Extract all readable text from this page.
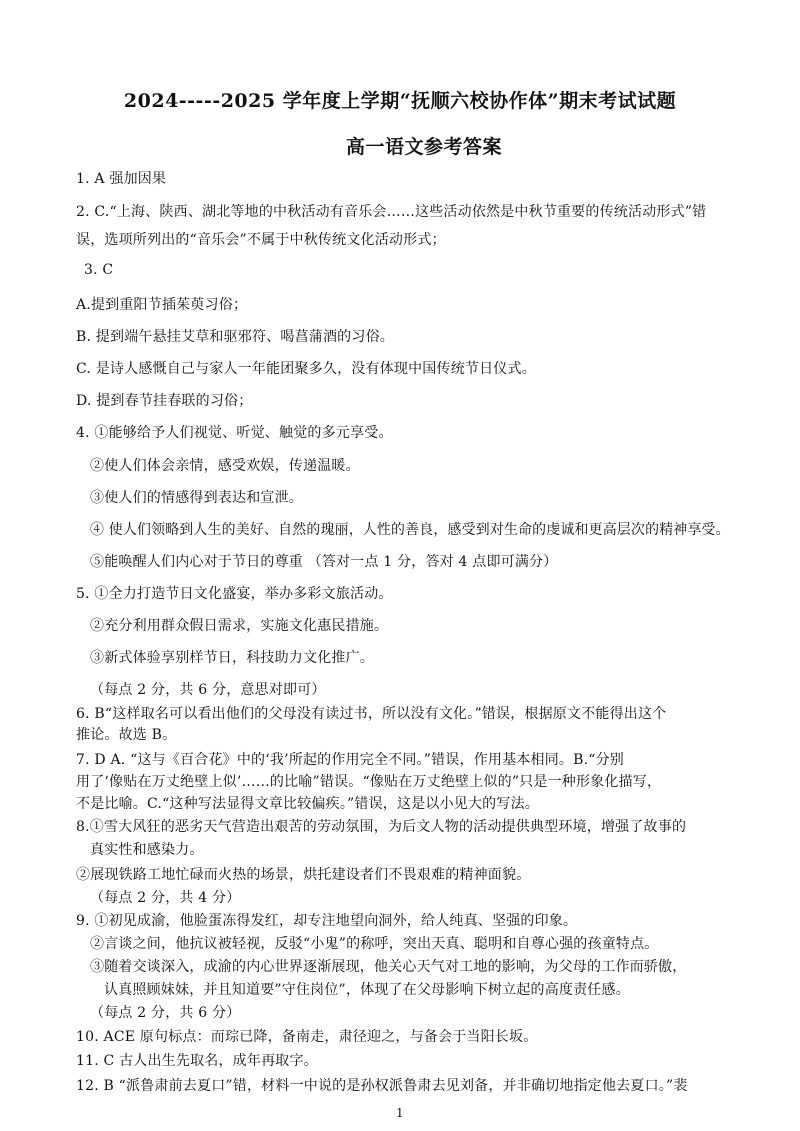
2024-----2025 学年度上学期“抚顺六校协作体”期末考试试题
高一语文参考答案
1. A 强加因果
2. C.“上海、陕西、湖北等地的中秋活动有音乐会……这些活动依然是中秋节重要的传统活动形式”错
误，选项所列出的“音乐会”不属于中秋传统文化活动形式；
3. C
A.提到重阳节插茱萸习俗；
B. 提到端午悬挂艾草和驱邪符、喝菖蒲酒的习俗。
C. 是诗人感慨自己与家人一年能团聚多久，没有体现中国传统节日仪式。
D. 提到春节挂春联的习俗；
4. ①能够给予人们视觉、听觉、触觉的多元享受。
②使人们体会亲情，感受欢娱，传递温暖。
③使人们的情感得到表达和宣泄。
④ 使人们领略到人生的美好、自然的瑰丽，人性的善良，感受到对生命的虔诚和更高层次的精神享受。
⑤能唤醒人们内心对于节日的尊重 （答对一点 1 分，答对 4 点即可满分）
5. ①全力打造节日文化盛宴，举办多彩文旅活动。
②充分利用群众假日需求，实施文化惠民措施。
③新式体验享别样节日，科技助力文化推广。
（每点 2 分，共 6 分，意思对即可）
6. B“这样取名可以看出他们的父母没有读过书，所以没有文化。”错误，根据原文不能得出这个
推论。故选 B。
7. D A. “这与《百合花》中的‘我’所起的作用完全不同。”错误，作用基本相同。B.“分别
用了‘像贴在万丈绝壁上似’……的比喻”错误。“像贴在万丈绝壁上似的”只是一种形象化描写，
不是比喻。C.“这种写法显得文章比较偏疾。”错误，这是以小见大的写法。
8.①雪大风狂的恶劣天气营造出艰苦的劳动氛围，为后文人物的活动提供典型环境，增强了故事的
真实性和感染力。
②展现铁路工地忙碌而火热的场景，烘托建设者们不畏艰难的精神面貌。
（每点 2 分，共 4 分）
9. ①初见成渝，他脸蛋冻得发红，却专注地望向洞外，给人纯真、坚强的印象。
②言谈之间，他抗议被轻视，反驳“小鬼”的称呼，突出天真、聪明和自尊心强的孩童特点。
③随着交谈深入，成渝的内心世界逐渐展现，他关心天气对工地的影响，为父母的工作而骄傲，
认真照顾妹妹，并且知道要”守住岗位”，体现了在父母影响下树立起的高度责任感。
（每点 2 分，共 6 分）
10. ACE 原句标点：而琮已降，备南走，肃径迎之，与备会于当阳长坂。
11. C 古人出生先取名，成年再取字。
12. B “派鲁肃前去夏口”错，材料一中说的是孙权派鲁肃去见刘备，并非确切地指定他去夏口。”裴
1
